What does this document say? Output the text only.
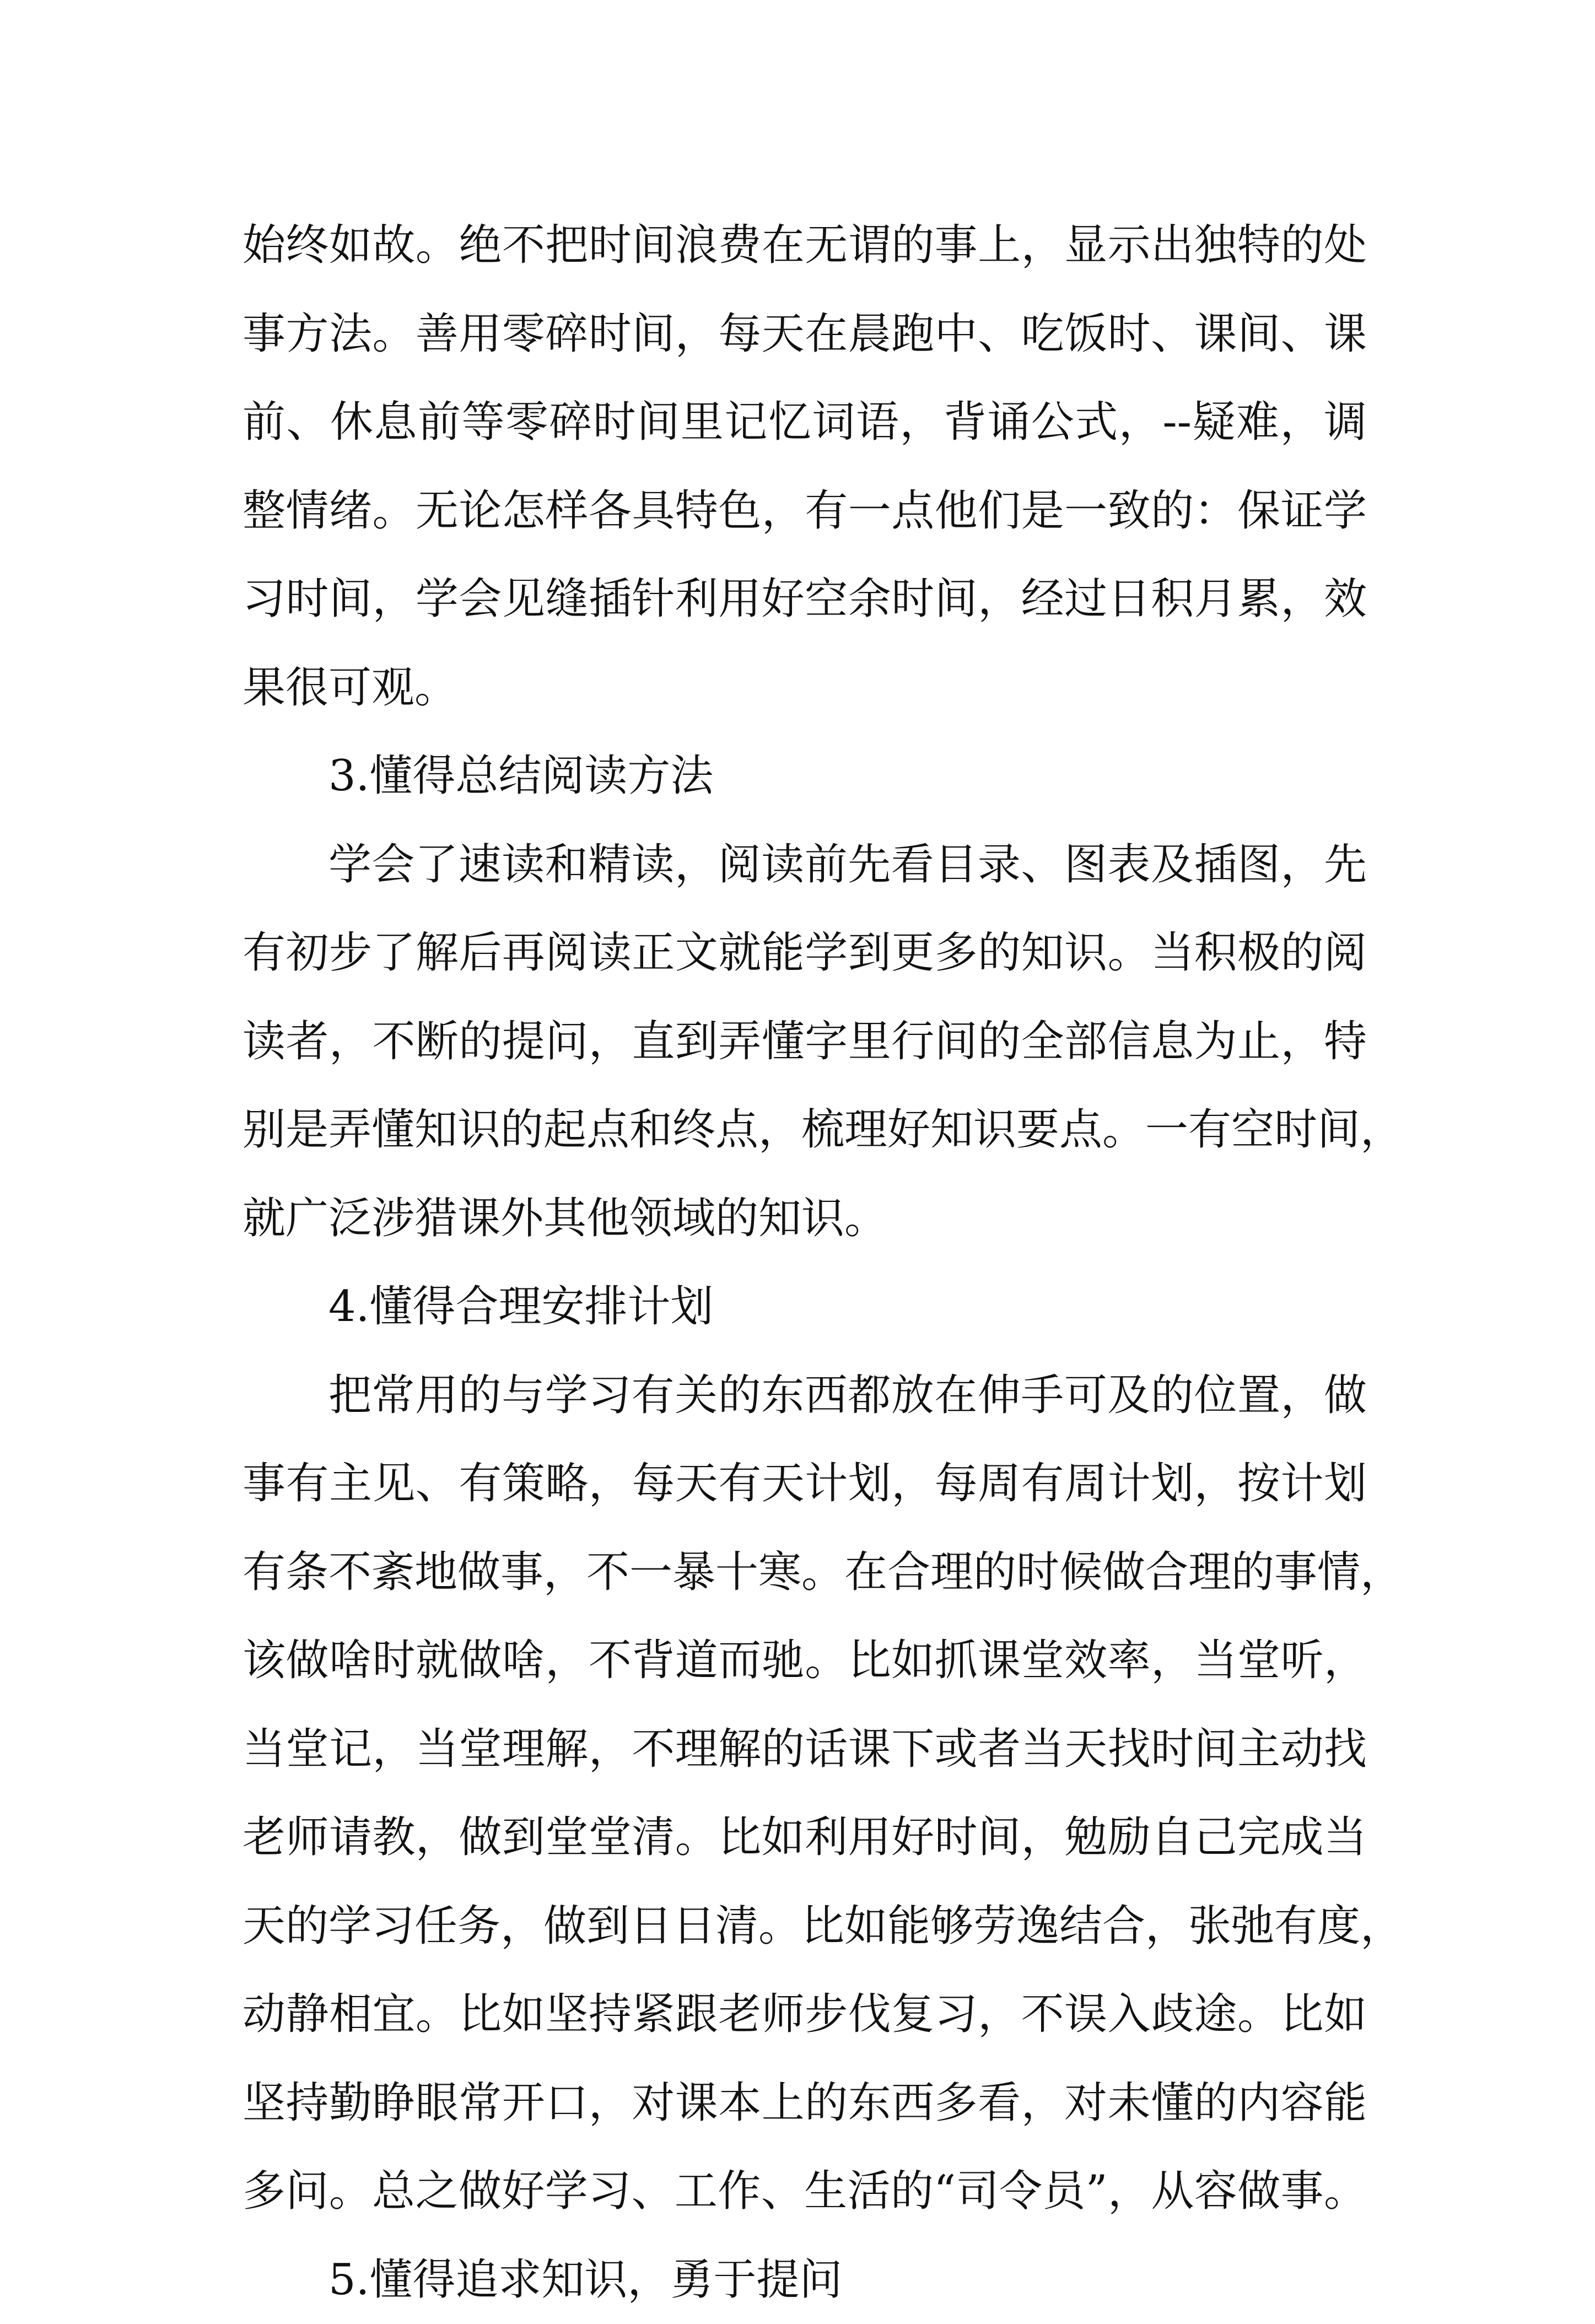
始终如故。绝不把时间浪费在无谓的事上，显示出独特的处
事方法。善用零碎时间，每天在晨跑中、吃饭时、课间、课
前、休息前等零碎时间里记忆词语，背诵公式，--疑难，调
整情绪。无论怎样各具特色，有一点他们是一致的：保证学
习时间，学会见缝插针利用好空余时间，经过日积月累，效
果很可观。
3.懂得总结阅读方法
学会了速读和精读，阅读前先看目录、图表及插图，先
有初步了解后再阅读正文就能学到更多的知识。当积极的阅
读者，不断的提问，直到弄懂字里行间的全部信息为止，特
别是弄懂知识的起点和终点，梳理好知识要点。一有空时间，
就广泛涉猎课外其他领域的知识。
4.懂得合理安排计划
把常用的与学习有关的东西都放在伸手可及的位置，做
事有主见、有策略，每天有天计划，每周有周计划，按计划
有条不紊地做事，不一暴十寒。在合理的时候做合理的事情，
该做啥时就做啥，不背道而驰。比如抓课堂效率，当堂听，
当堂记，当堂理解，不理解的话课下或者当天找时间主动找
老师请教，做到堂堂清。比如利用好时间，勉励自己完成当
天的学习任务，做到日日清。比如能够劳逸结合，张弛有度，
动静相宜。比如坚持紧跟老师步伐复习，不误入歧途。比如
坚持勤睁眼常开口，对课本上的东西多看，对未懂的内容能
多问。总之做好学习、工作、生活的“司令员”，从容做事。
5.懂得追求知识，勇于提问
